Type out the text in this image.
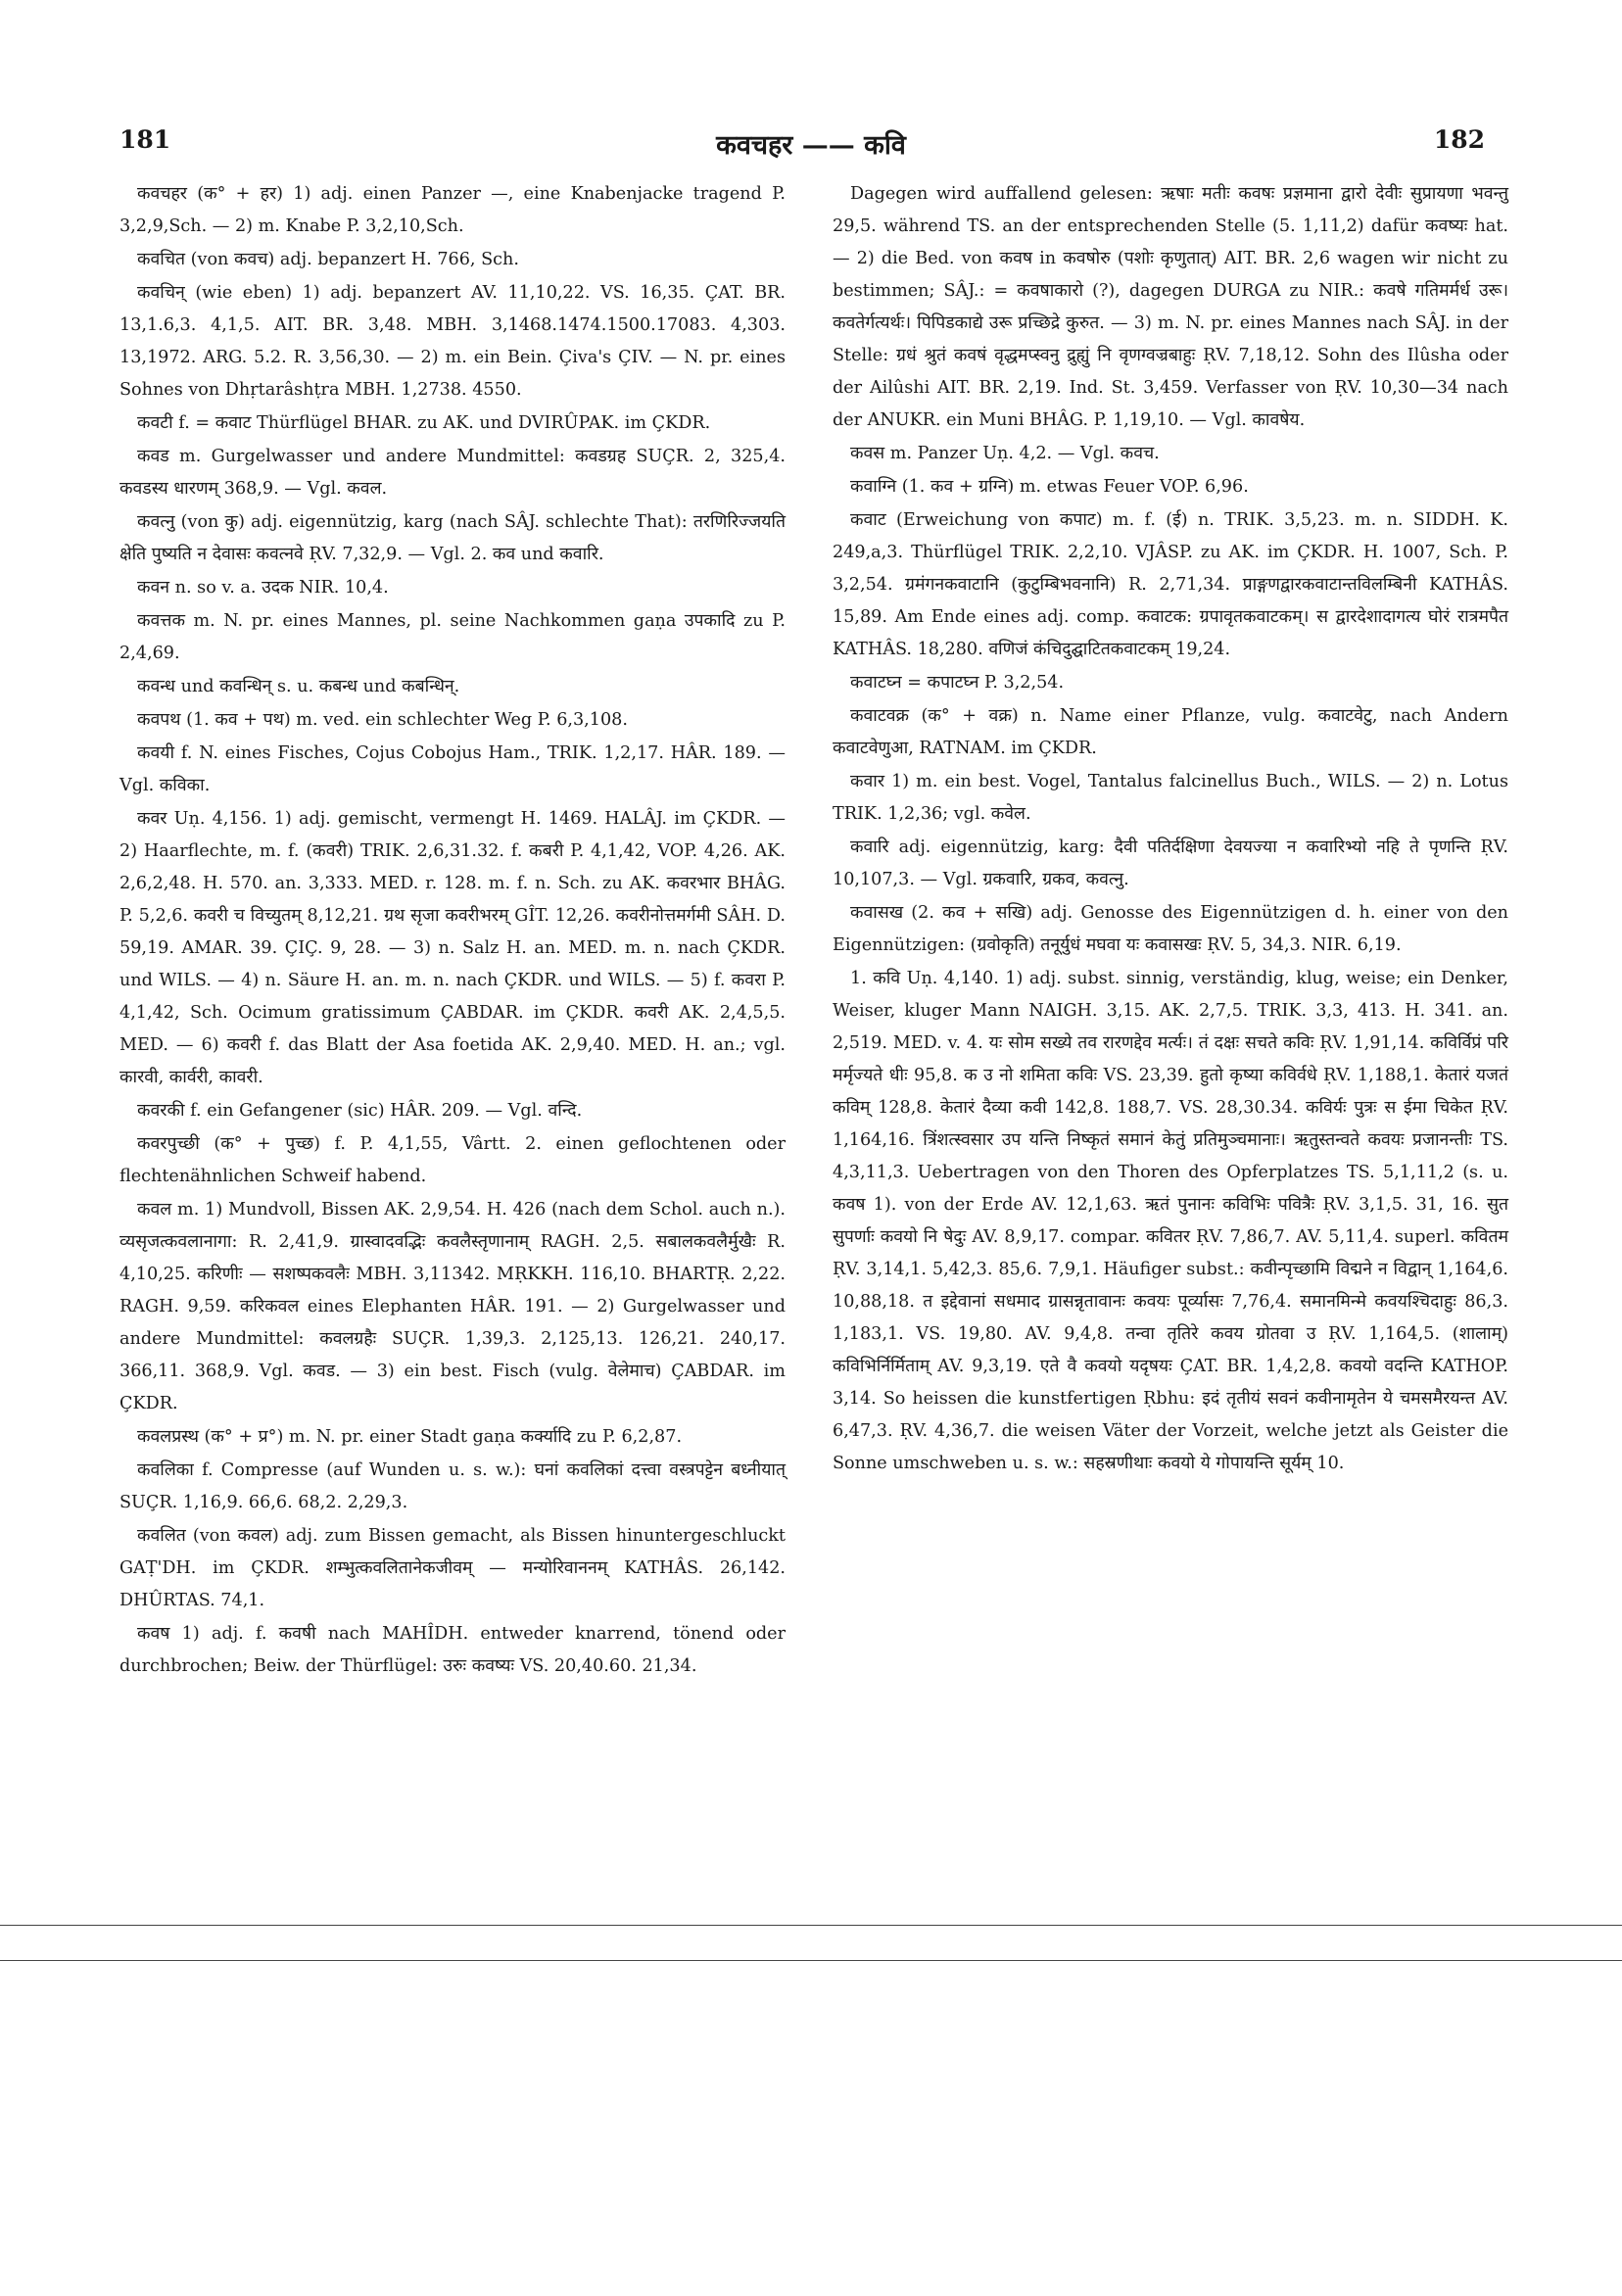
181	कवचहर —— कवि	182

कवचहर (क° + हर) 1) adj. einen Panzer —, eine Knabenjacke tragend P. 3,2,9,Sch. — 2) m. Knabe P. 3,2,10,Sch.

कवचित (von कवच) adj. bepanzert H. 766, Sch.

कवचिन् (wie eben) 1) adj. bepanzert AV. 11,10,22. VS. 16,35. ÇAT. BR. 13,1.6,3. 4,1,5. AIT. BR. 3,48. MBH. 3,1468.1474.1500.17083. 4,303. 13,1972. ARG. 5.2. R. 3,56,30. — 2) m. ein Bein. Çiva's ÇIV. — N. pr. eines Sohnes von Dhṛtarâshṭra MBH. 1,2738. 4550.

कवटी f. = कवाट Thürflügel BHAR. zu AK. und DVIRÛPAK. im ÇKDR.

कवड m. Gurgelwasser und andere Mundmittel: कवडग्रह SUÇR. 2, 325,4. कवडस्य धारणम् 368,9. — Vgl. कवल.

कवत्नु (von कु) adj. eigennützig, karg (nach SÂJ. schlechte That): तरणिरिज्जयति क्षेति पुष्यति न देवासः कवत्नवे ṚV. 7,32,9. — Vgl. 2. कव und कवारि.

कवन n. so v. a. उदक NIR. 10,4.

कवत्तक m. N. pr. eines Mannes, pl. seine Nachkommen gaṇa उपकादि zu P. 2,4,69.

कवन्ध und कवन्धिन् s. u. कबन्ध und कबन्धिन्.

कवपथ (1. कव + पथ) m. ved. ein schlechter Weg P. 6,3,108.

कवयी f. N. eines Fisches, Cojus Cobojus Ham., TRIK. 1,2,17. HÂR. 189. — Vgl. कविका.

कवर Uṇ. 4,156. 1) adj. gemischt, vermengt H. 1469. HALÂJ. im ÇKDR. — 2) Haarflechte, m. f. (कवरी) TRIK. 2,6,31.32. f. कबरी P. 4,1,42, VOP. 4,26. AK. 2,6,2,48. H. 570. an. 3,333. MED. r. 128. m. f. n. Sch. zu AK. कवरभार BHÂG. P. 5,2,6. कवरी च विच्युतम् 8,12,21. ग्रथ सृजा कवरीभरम् GÎT. 12,26. कवरीनोत्तमर्गमी SÂH. D. 59,19. AMAR. 39. ÇIÇ. 9, 28. — 3) n. Salz H. an. MED. m. n. nach ÇKDR. und WILS. — 4) n. Säure H. an. m. n. nach ÇKDR. und WILS. — 5) f. कवरा P. 4,1,42, Sch. Ocimum gratissimum ÇABDAR. im ÇKDR. कवरी AK. 2,4,5,5. MED. — 6) कवरी f. das Blatt der Asa foetida AK. 2,9,40. MED. H. an.; vgl. कारवी, कार्वरी, कावरी.

कवरकी f. ein Gefangener (sic) HÂR. 209. — Vgl. वन्दि.

कवरपुच्छी (क° + पुच्छ) f. P. 4,1,55, Vârtt. 2. einen geflochtenen oder flechtenähnlichen Schweif habend.

कवल m. 1) Mundvoll, Bissen AK. 2,9,54. H. 426 (nach dem Schol. auch n.). व्यसृजत्कवलानागा: R. 2,41,9. ग्रास्वादवद्भिः कवलैस्तृणानाम् RAGH. 2,5. सबालकवलैर्मुखैः R. 4,10,25. करिणीः — सशष्पकवलैः MBH. 3,11342. MṚKKH. 116,10. BHARTṚ. 2,22. RAGH. 9,59. करिकवल eines Elephanten HÂR. 191. — 2) Gurgelwasser und andere Mundmittel: कवलग्रहैः SUÇR. 1,39,3. 2,125,13. 126,21. 240,17. 366,11. 368,9. Vgl. कवड. — 3) ein best. Fisch (vulg. वेलेमाच) ÇABDAR. im ÇKDR.

कवलप्रस्थ (क° + प्र°) m. N. pr. einer Stadt gaṇa कर्क्यादि zu P. 6,2,87.

कवलिका f. Compresse (auf Wunden u. s. w.): घनां कवलिकां दत्त्वा वस्त्रपट्टेन बध्नीयात् SUÇR. 1,16,9. 66,6. 68,2. 2,29,3.

कवलित (von कवल) adj. zum Bissen gemacht, als Bissen hinuntergeschluckt GAṬ'DH. im ÇKDR. शम्भुत्कवलितानेकजीवम् — मन्योरिवाननम् KATHÂS. 26,142. DHÛRTAS. 74,1.

कवष 1) adj. f. कवषी nach MAHÎDH. entweder knarrend, tönend oder durchbrochen; Beiw. der Thürflügel: उरुः कवष्यः VS. 20,40.60. 21,34.

Dagegen wird auffallend gelesen: ऋषाः मतीः कवषः प्रज्ञमाना द्वारो देवीः सुप्रायणा भवन्तु 29,5. während TS. an der entsprechenden Stelle (5. 1,11,2) dafür कवष्यः hat. — 2) die Bed. von कवष in कवषोरु (पशोः कृणुतात्) AIT. BR. 2,6 wagen wir nicht zu bestimmen; SÂJ.: = कवषाकारो (?), dagegen DURGA zu NIR.: कवषे गतिमर्मर्ध उरू। कवतेर्गत्यर्थः। पिपिडकाद्ये उरू प्रच्छिद्रे कुरुत. — 3) m. N. pr. eines Mannes nach SÂJ. in der Stelle: ग्रधं श्रुतं कवषं वृद्धमप्स्वनु द्रुह्युं नि वृणग्वज्रबाहुः ṚV. 7,18,12. Sohn des Ilûsha oder der Ailûshi AIT. BR. 2,19. Ind. St. 3,459. Verfasser von ṚV. 10,30—34 nach der ANUKR. ein Muni BHÂG. P. 1,19,10. — Vgl. कावषेय.

कवस m. Panzer Uṇ. 4,2. — Vgl. कवच.

कवाग्नि (1. कव + ग्रग्नि) m. etwas Feuer VOP. 6,96.

कवाट (Erweichung von कपाट) m. f. (ई) n. TRIK. 3,5,23. m. n. SIDDH. K. 249,a,3. Thürflügel TRIK. 2,2,10. VJÂSP. zu AK. im ÇKDR. H. 1007, Sch. P. 3,2,54. ग्रमंगनकवाटानि (कुटुम्बिभवनानि) R. 2,71,34. प्राङ्गणद्वारकवाटान्तविलम्बिनी KATHÂS. 15,89. Am Ende eines adj. comp. कवाटक: ग्रपावृतकवाटकम्। स द्वारदेशादागत्य घोरं रात्रमपैत KATHÂS. 18,280. वणिजं कंचिदुद्घाटितकवाटकम् 19,24.

कवाटघ्न = कपाटघ्न P. 3,2,54.

कवाटवक्र (क° + वक्र) n. Name einer Pflanze, vulg. कवाटवेटु, nach Andern कवाटवेणुआ, RATNAM. im ÇKDR.

कवार 1) m. ein best. Vogel, Tantalus falcinellus Buch., WILS. — 2) n. Lotus TRIK. 1,2,36; vgl. कवेल.

कवारि adj. eigennützig, karg: दैवी पतिर्दक्षिणा देवयज्या न कवारिभ्यो नहि ते पृणन्ति ṚV. 10,107,3. — Vgl. ग्रकवारि, ग्रकव, कवत्नु.

कवासख (2. कव + सखि) adj. Genosse des Eigennützigen d. h. einer von den Eigennützigen: (ग्रवोकृति) तनूर्युधं मघवा यः कवासखः ṚV. 5, 34,3. NIR. 6,19.

1. कवि Uṇ. 4,140. 1) adj. subst. sinnig, verständig, klug, weise; ein Denker, Weiser, kluger Mann NAIGH. 3,15. AK. 2,7,5. TRIK. 3,3, 413. H. 341. an. 2,519. MED. v. 4. यः सोम सख्ये तव रारणद्देव मर्त्यः। तं दक्षः सचते कविः ṚV. 1,91,14. कविर्विप्रं परि मर्मृज्यते धीः 95,8. क उ नो शमिता कविः VS. 23,39. हुतो कृष्या कविर्वधे ṚV. 1,188,1. केतारं यजतं कविम् 128,8. केतारं दैव्या कवी 142,8. 188,7. VS. 28,30.34. कविर्यः पुत्रः स ईमा चिकेत ṚV. 1,164,16. त्रिंशत्स्वसार उप यन्ति निष्कृतं समानं केतुं प्रतिमुञ्चमानाः। ऋतुस्तन्वते कवयः प्रजानन्तीः TS. 4,3,11,3. Uebertragen von den Thoren des Opferplatzes TS. 5,1,11,2 (s. u. कवष 1). von der Erde AV. 12,1,63. ऋतं पुनानः कविभिः पवित्रैः ṚV. 3,1,5. 31, 16. सुत सुपर्णाः कवयो नि षेदुः AV. 8,9,17. compar. कवितर ṚV. 7,86,7. AV. 5,11,4. superl. कवितम ṚV. 3,14,1. 5,42,3. 85,6. 7,9,1. Häufiger subst.: कवीन्पृच्छामि विद्मने न विद्वान् 1,164,6. 10,88,18. त इद्देवानां सधमाद ग्रासन्नृतावानः कवयः पूर्व्यासः 7,76,4. समानमिन्मे कवयश्चिदाहुः 86,3. 1,183,1. VS. 19,80. AV. 9,4,8. तन्वा तृतिरे कवय ग्रोतवा उ ṚV. 1,164,5. (शालाम्) कविभिर्निर्मिताम् AV. 9,3,19. एते वै कवयो यदृषयः ÇAT. BR. 1,4,2,8. कवयो वदन्ति KATHOP. 3,14. So heissen die kunstfertigen Ṛbhu: इदं तृतीयं सवनं कवीनामृतेन ये चमसमैरयन्त AV. 6,47,3. ṚV. 4,36,7. die weisen Väter der Vorzeit, welche jetzt als Geister die Sonne umschweben u. s. w.: सहस्रणीथाः कवयो ये गोपायन्ति सूर्यम् 10.
